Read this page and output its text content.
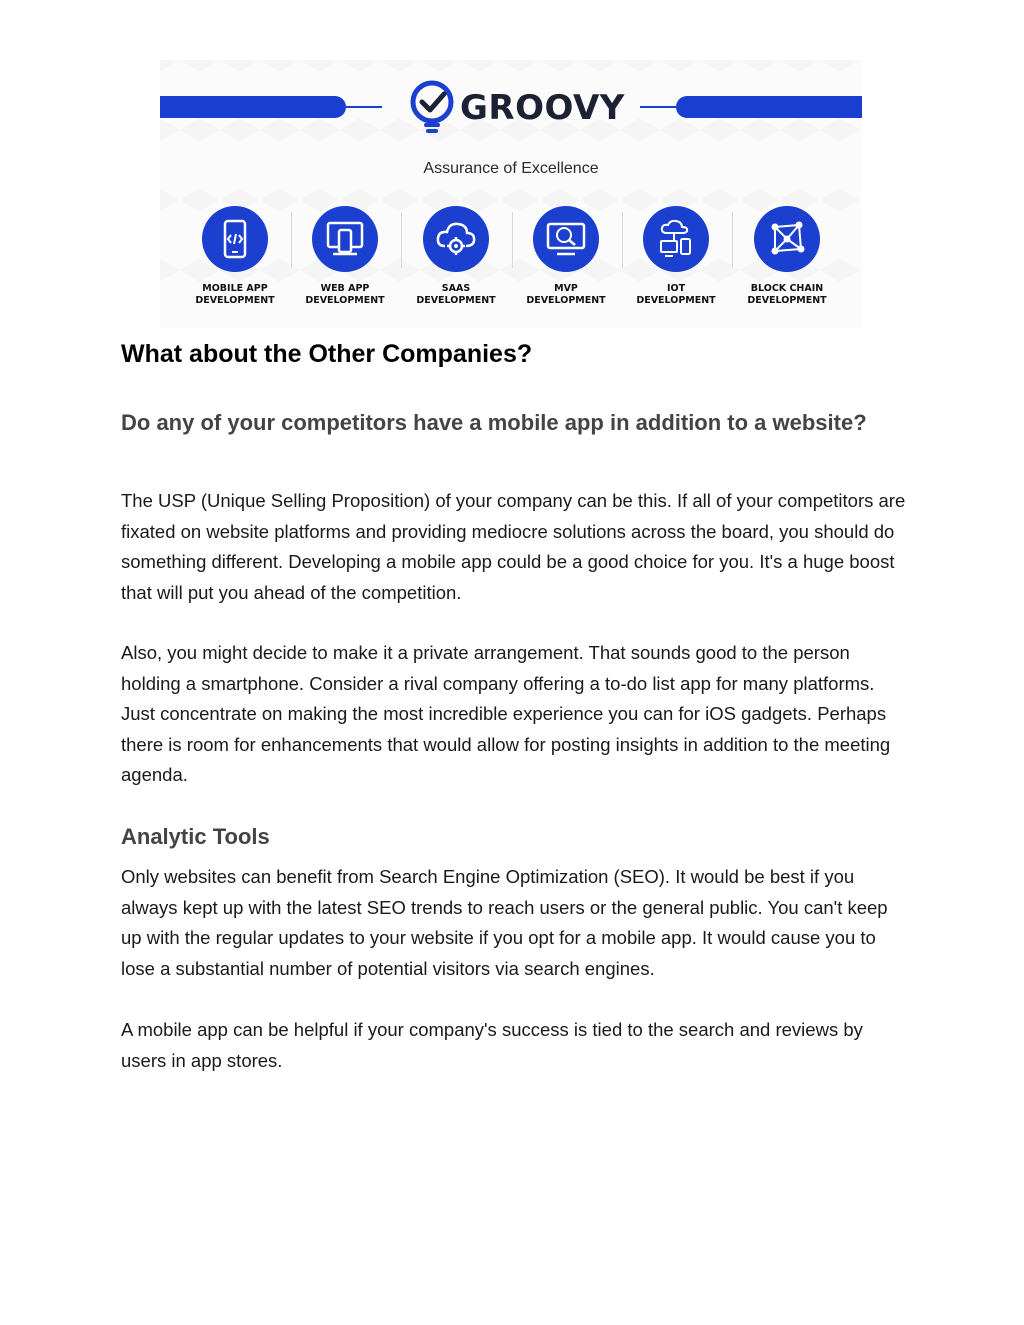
GROOVY
Assurance of Excellence
MOBILE APP
DEVELOPMENT
WEB APP
DEVELOPMENT
SAAS
DEVELOPMENT
MVP
DEVELOPMENT
IOT
DEVELOPMENT
BLOCK CHAIN
DEVELOPMENT
What about the Other Companies?
Do any of your competitors have a mobile app in addition to a website?

The USP (Unique Selling Proposition) of your company can be this. If all of your competitors are fixated on website platforms and providing mediocre solutions across the board, you should do something different. Developing a mobile app could be a good choice for you. It's a huge boost that will put you ahead of the competition.

Also, you might decide to make it a private arrangement. That sounds good to the person holding a smartphone. Consider a rival company offering a to-do list app for many platforms. Just concentrate on making the most incredible experience you can for iOS gadgets. Perhaps there is room for enhancements that would allow for posting insights in addition to the meeting agenda.

Analytic Tools

Only websites can benefit from Search Engine Optimization (SEO). It would be best if you always kept up with the latest SEO trends to reach users or the general public. You can't keep up with the regular updates to your website if you opt for a mobile app. It would cause you to lose a substantial number of potential visitors via search engines.

A mobile app can be helpful if your company's success is tied to the search and reviews by users in app stores.
